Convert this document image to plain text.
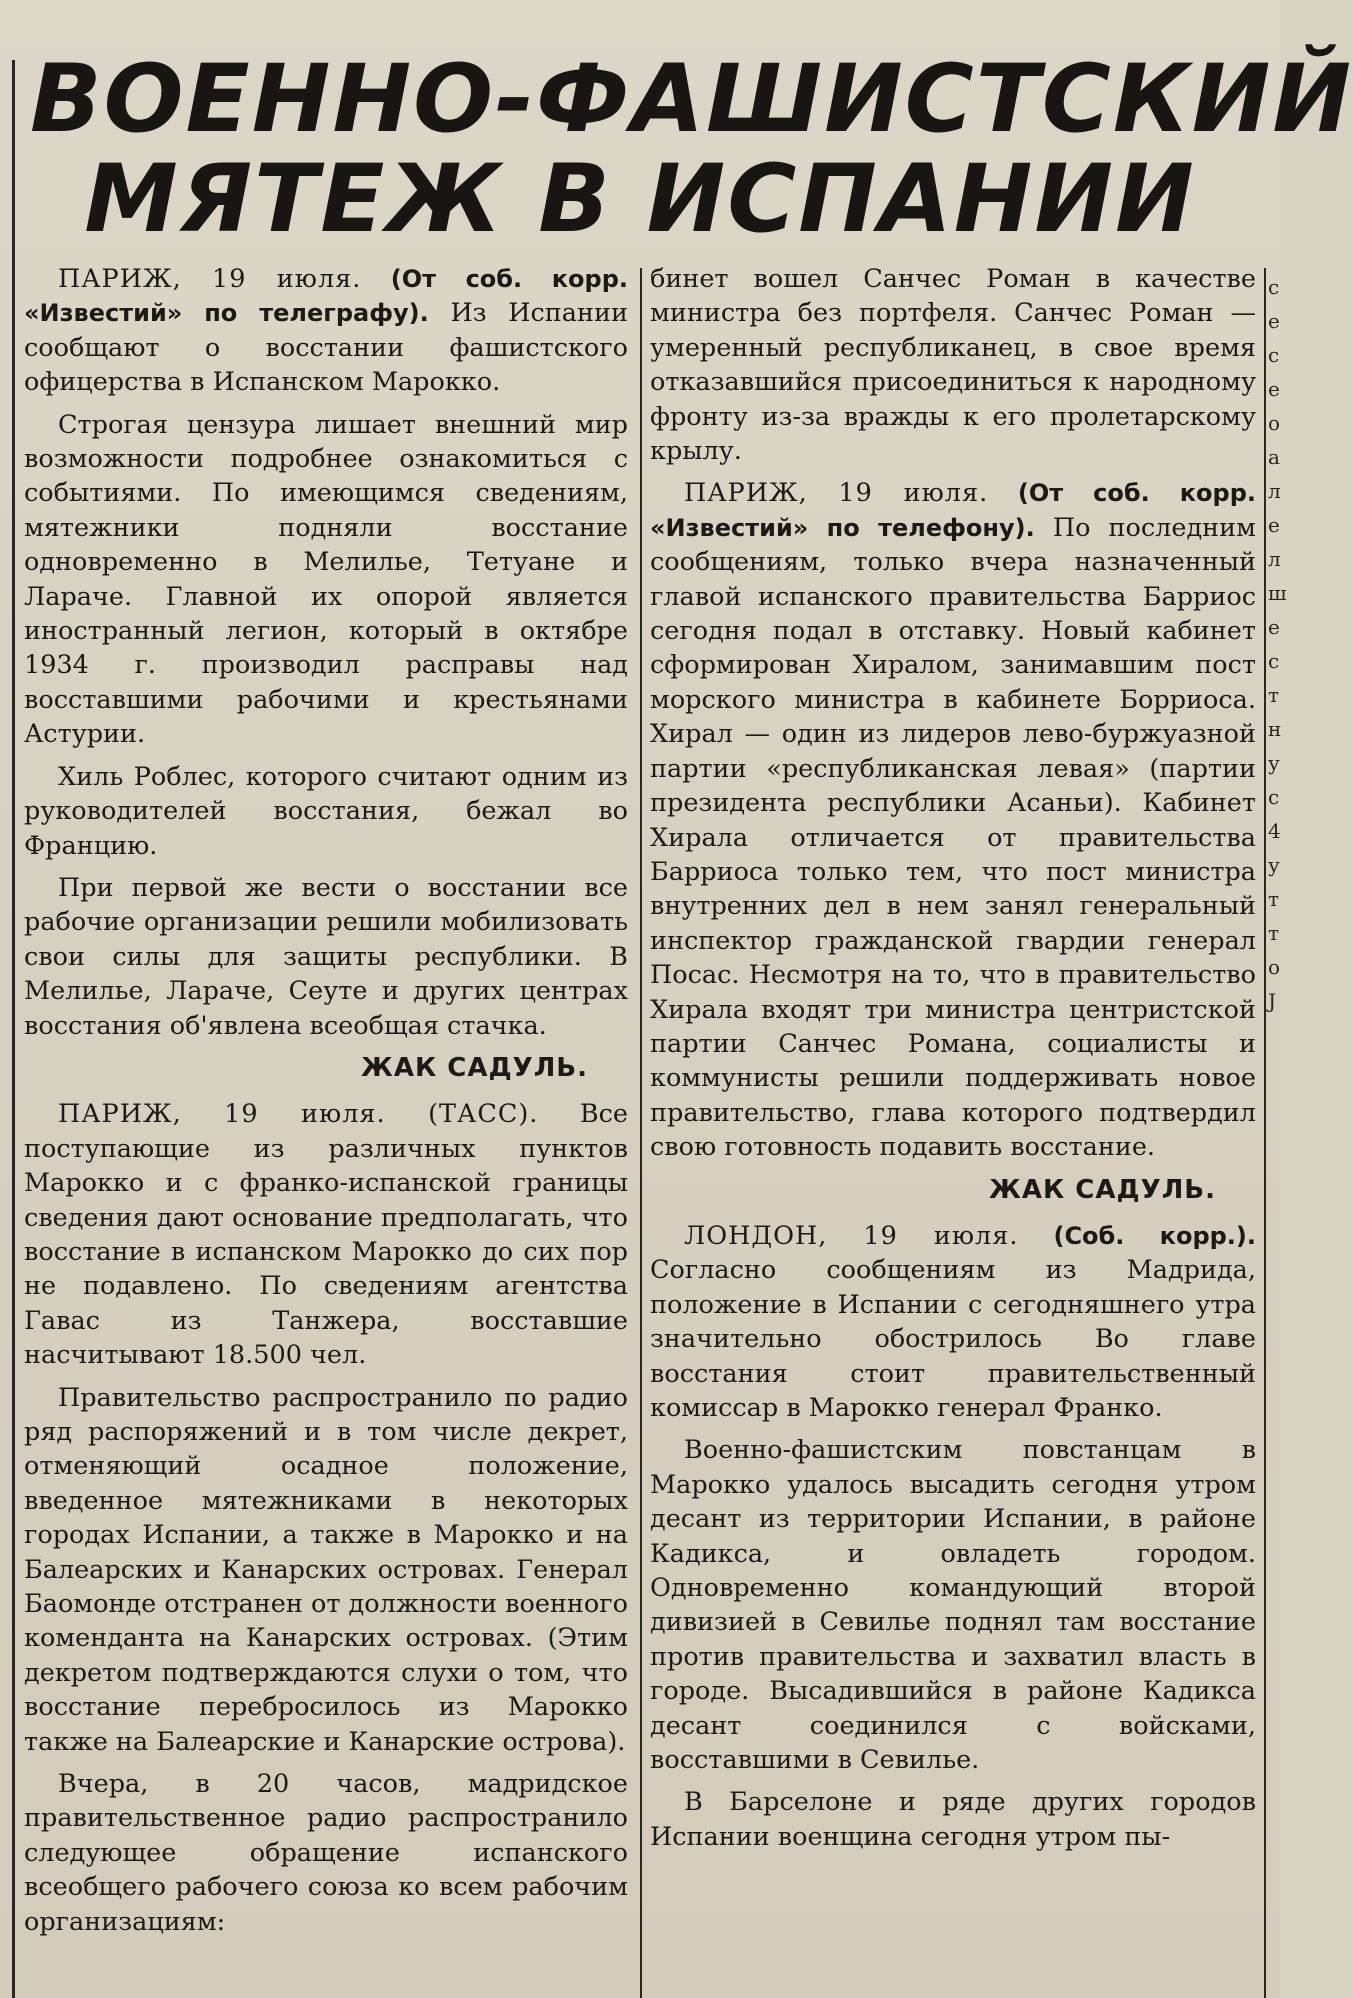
ВОЕННО-ФАШИСТСКИЙ
МЯТЕЖ В ИСПАНИИ

ПАРИЖ, 19 июля. (От соб. корр. «Известий» по телеграфу). Из Испании сообщают о восстании фашистского офицерства в Испанском Марокко.

Строгая цензура лишает внешний мир возможности подробнее ознакомиться с событиями. По имеющимся сведениям, мятежники подняли восстание одновременно в Мелилье, Тетуане и Лараче. Главной их опорой является иностранный легион, который в октябре 1934 г. производил расправы над восставшими рабочими и крестьянами Астурии.

Хиль Роблес, которого считают одним из руководителей восстания, бежал во Францию.

При первой же вести о восстании все рабочие организации решили мобилизовать свои силы для защиты республики. В Мелилье, Лараче, Сеуте и других центрах восстания об'явлена всеобщая стачка.

ЖАК САДУЛЬ.

ПАРИЖ, 19 июля. (ТАСС). Все поступающие из различных пунктов Марокко и с франко-испанской границы сведения дают основание предполагать, что восстание в испанском Марокко до сих пор не подавлено. По сведениям агентства Гавас из Танжера, восставшие насчитывают 18.500 чел.

Правительство распространило по радио ряд распоряжений и в том числе декрет, отменяющий осадное положение, введенное мятежниками в некоторых городах Испании, а также в Марокко и на Балеарских и Канарских островах. Генерал Баомонде отстранен от должности военного коменданта на Канарских островах. (Этим декретом подтверждаются слухи о том, что восстание перебросилось из Марокко также на Балеарские и Канарские острова).

Вчера, в 20 часов, мадридское правительственное радио распространило следующее обращение испанского всеобщего рабочего союза ко всем рабочим организациям:

бинет вошел Санчес Роман в качестве министра без портфеля. Санчес Роман — умеренный республиканец, в свое время отказавшийся присоединиться к народному фронту из-за вражды к его пролетарскому крылу.

ПАРИЖ, 19 июля. (От соб. корр. «Известий» по телефону). По последним сообщениям, только вчера назначенный главой испанского правительства Барриос сегодня подал в отставку. Новый кабинет сформирован Хиралом, занимавшим пост морского министра в кабинете Борриоса. Хирал — один из лидеров лево-буржуазной партии «республиканская левая» (партии президента республики Асаньи). Кабинет Хирала отличается от правительства Барриоса только тем, что пост министра внутренних дел в нем занял генеральный инспектор гражданской гвардии генерал Посас. Несмотря на то, что в правительство Хирала входят три министра центристской партии Санчес Романа, социалисты и коммунисты решили поддерживать новое правительство, глава которого подтвердил свою готовность подавить восстание.

ЖАК САДУЛЬ.

ЛОНДОН, 19 июля. (Соб. корр.). Согласно сообщениям из Мадрида, положение в Испании с сегодняшнего утра значительно обострилось Во главе восстания стоит правительственный комиссар в Марокко генерал Франко.

Военно-фашистским повстанцам в Марокко удалось высадить сегодня утром десант из территории Испании, в районе Кадикса, и овладеть городом. Одновременно командующий второй дивизией в Севилье поднял там восстание против правительства и захватил власть в городе. Высадившийся в районе Кадикса десант соединился с войсками, восставшими в Севилье.

В Барселоне и ряде других городов Испании военщина сегодня утром пы-

с е с е о а л е л ш е с т н у с 4 у т т о J
